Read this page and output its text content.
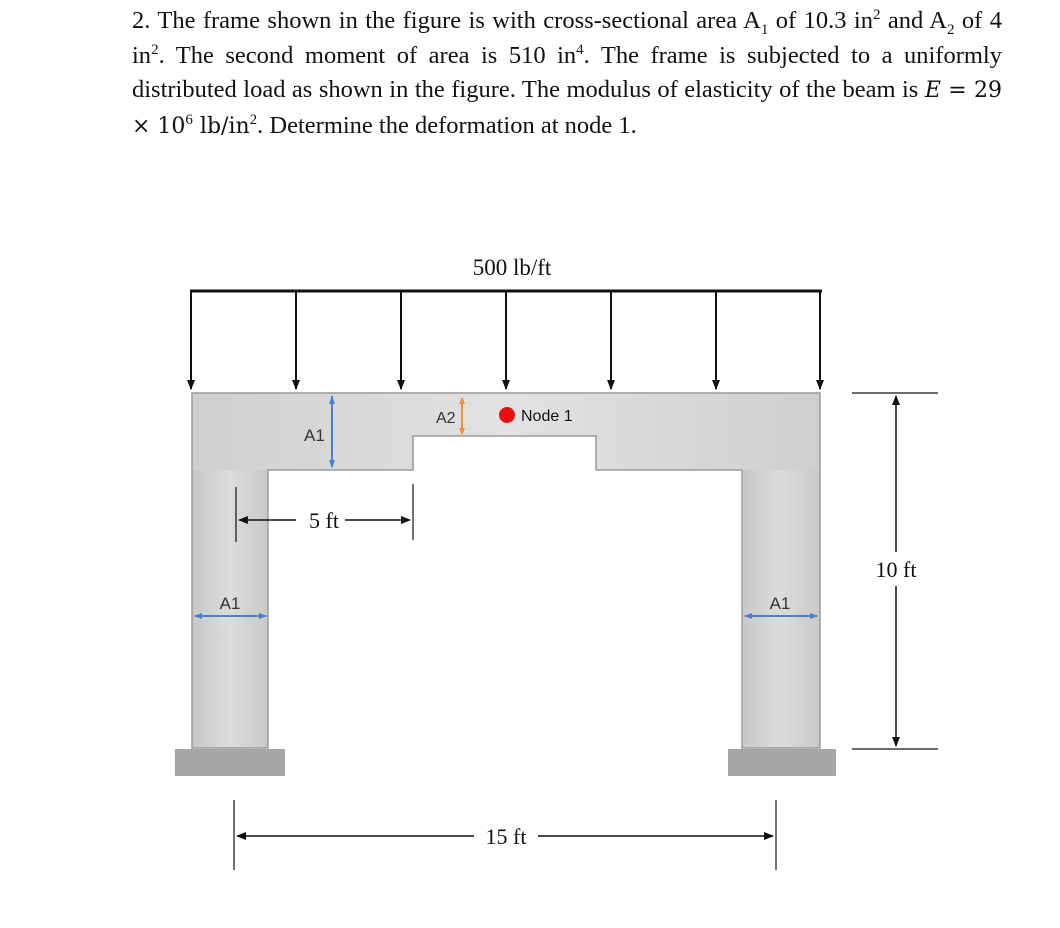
2. The frame shown in the figure is with cross-sectional area $A_1$ of 10.3 $in^2$ and $A_2$ of 4 $in^2$. The second moment of area is 510 $in^4$. The frame is subjected to a uniformly distributed load as shown in the figure. The modulus of elasticity of the beam is $E = 29 \times 10^6$ $lb/in^2$. Determine the deformation at node 1.
500 lb/ft
A1
A2	Node 1
5 ft
A1	A1
10 ft
15 ft
